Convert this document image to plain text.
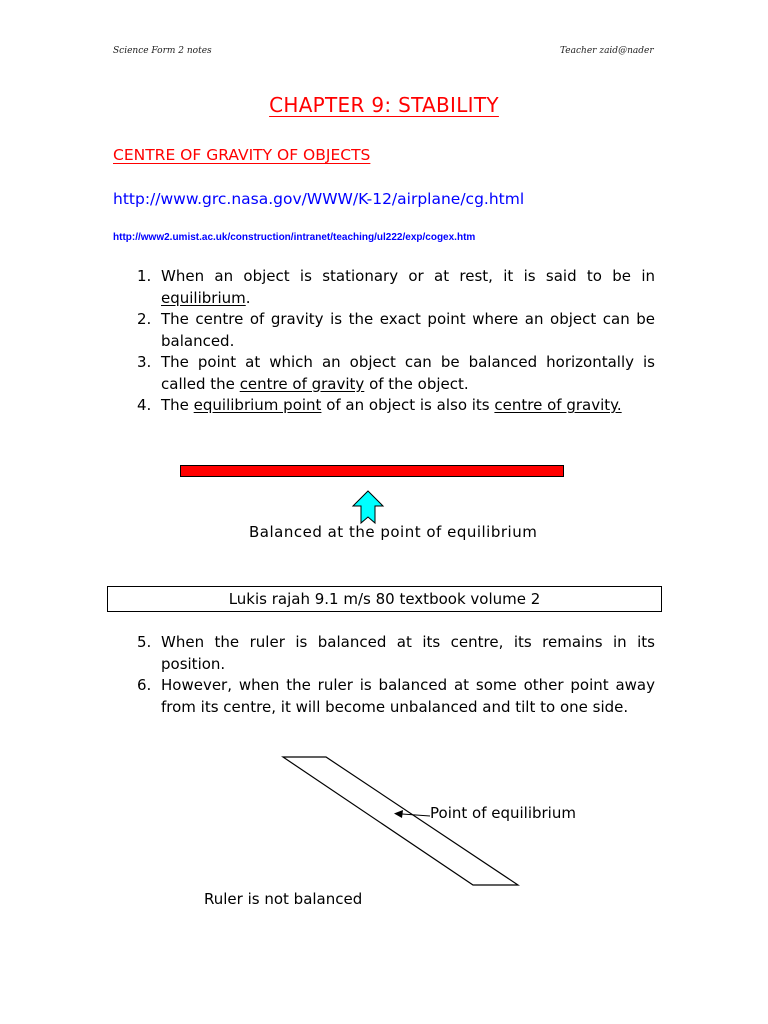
Science Form 2 notes	Teacher zaid@nader
CHAPTER 9: STABILITY
CENTRE OF GRAVITY OF OBJECTS
http://www.grc.nasa.gov/WWW/K-12/airplane/cg.html
http://www2.umist.ac.uk/construction/intranet/teaching/ul222/exp/cogex.htm
1. When an object is stationary or at rest, it is said to be in equilibrium.
2. The centre of gravity is the exact point where an object can be balanced.
3. The point at which an object can be balanced horizontally is called the centre of gravity of the object.
4. The equilibrium point of an object is also its centre of gravity.
Balanced at the point of equilibrium
Lukis rajah 9.1 m/s 80 textbook volume 2
5. When the ruler is balanced at its centre, its remains in its position.
6. However, when the ruler is balanced at some other point away from its centre, it will become unbalanced and tilt to one side.
Point of equilibrium
Ruler is not balanced
